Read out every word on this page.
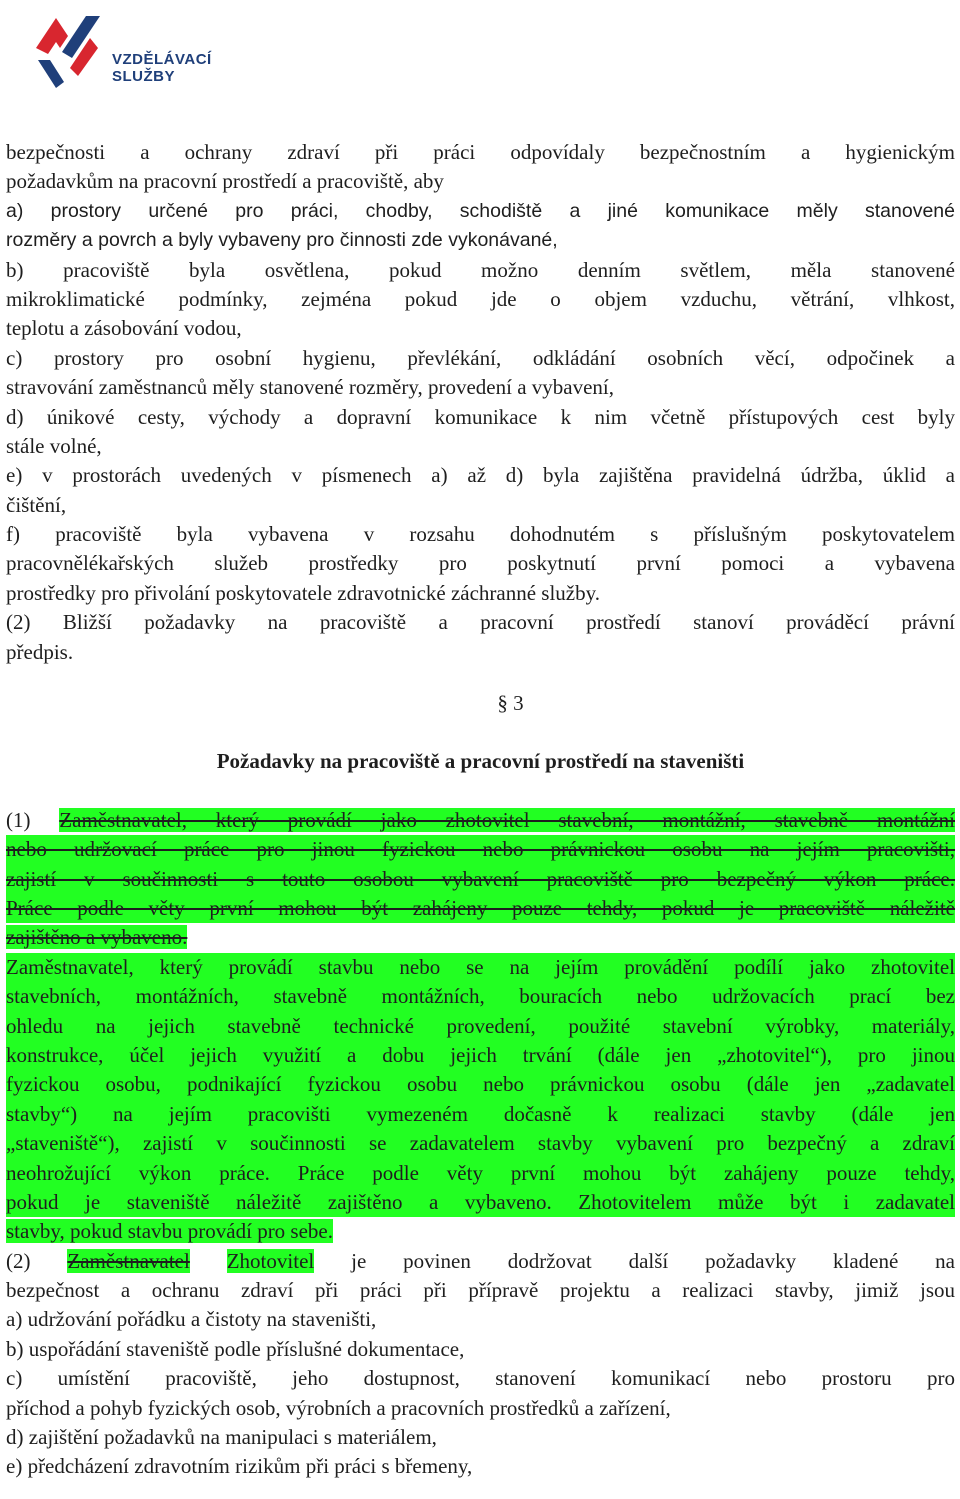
VZDĚLÁVACÍ
SLUŽBY
bezpečnosti a ochrany zdraví při práci odpovídaly bezpečnostním a hygienickým
požadavkům na pracovní prostředí a pracoviště, aby
a) prostory určené pro práci, chodby, schodiště a jiné komunikace měly stanovené
rozměry a povrch a byly vybaveny pro činnosti zde vykonávané,
b) pracoviště byla osvětlena, pokud možno denním světlem, měla stanovené
mikroklimatické podmínky, zejména pokud jde o objem vzduchu, větrání, vlhkost,
teplotu a zásobování vodou,
c) prostory pro osobní hygienu, převlékání, odkládání osobních věcí, odpočinek a
stravování zaměstnanců měly stanovené rozměry, provedení a vybavení,
d) únikové cesty, východy a dopravní komunikace k nim včetně přístupových cest byly
stále volné,
e) v prostorách uvedených v písmenech a) až d) byla zajištěna pravidelná údržba, úklid a
čištění,
f) pracoviště byla vybavena v rozsahu dohodnutém s příslušným poskytovatelem
pracovnělékařských služeb prostředky pro poskytnutí první pomoci a vybavena
prostředky pro přivolání poskytovatele zdravotnické záchranné služby.
(2) Bližší požadavky na pracoviště a pracovní prostředí stanoví prováděcí právní
předpis.
§ 3
Požadavky na pracoviště a pracovní prostředí na staveništi
(1) Zaměstnavatel, který provádí jako zhotovitel stavební, montážní, stavebně montážní
nebo udržovací práce pro jinou fyzickou nebo právnickou osobu na jejím pracovišti,
zajistí v součinnosti s touto osobou vybavení pracoviště pro bezpečný výkon práce.
Práce podle věty první mohou být zahájeny pouze tehdy, pokud je pracoviště náležitě
zajištěno a vybaveno.
Zaměstnavatel, který provádí stavbu nebo se na jejím provádění podílí jako zhotovitel
stavebních, montážních, stavebně montážních, bouracích nebo udržovacích prací bez
ohledu na jejich stavebně technické provedení, použité stavební výrobky, materiály,
konstrukce, účel jejich využití a dobu jejich trvání (dále jen „zhotovitel“), pro jinou
fyzickou osobu, podnikající fyzickou osobu nebo právnickou osobu (dále jen „zadavatel
stavby“) na jejím pracovišti vymezeném dočasně k realizaci stavby (dále jen
„staveniště“), zajistí v součinnosti se zadavatelem stavby vybavení pro bezpečný a zdraví
neohrožující výkon práce. Práce podle věty první mohou být zahájeny pouze tehdy,
pokud je staveniště náležitě zajištěno a vybaveno. Zhotovitelem může být i zadavatel
stavby, pokud stavbu provádí pro sebe.
(2) Zaměstnavatel Zhotovitel je povinen dodržovat další požadavky kladené na
bezpečnost a ochranu zdraví při práci při přípravě projektu a realizaci stavby, jimiž jsou
a) udržování pořádku a čistoty na staveništi,
b) uspořádání staveniště podle příslušné dokumentace,
c) umístění pracoviště, jeho dostupnost, stanovení komunikací nebo prostoru pro
příchod a pohyb fyzických osob, výrobních a pracovních prostředků a zařízení,
d) zajištění požadavků na manipulaci s materiálem,
e) předcházení zdravotním rizikům při práci s břemeny,
